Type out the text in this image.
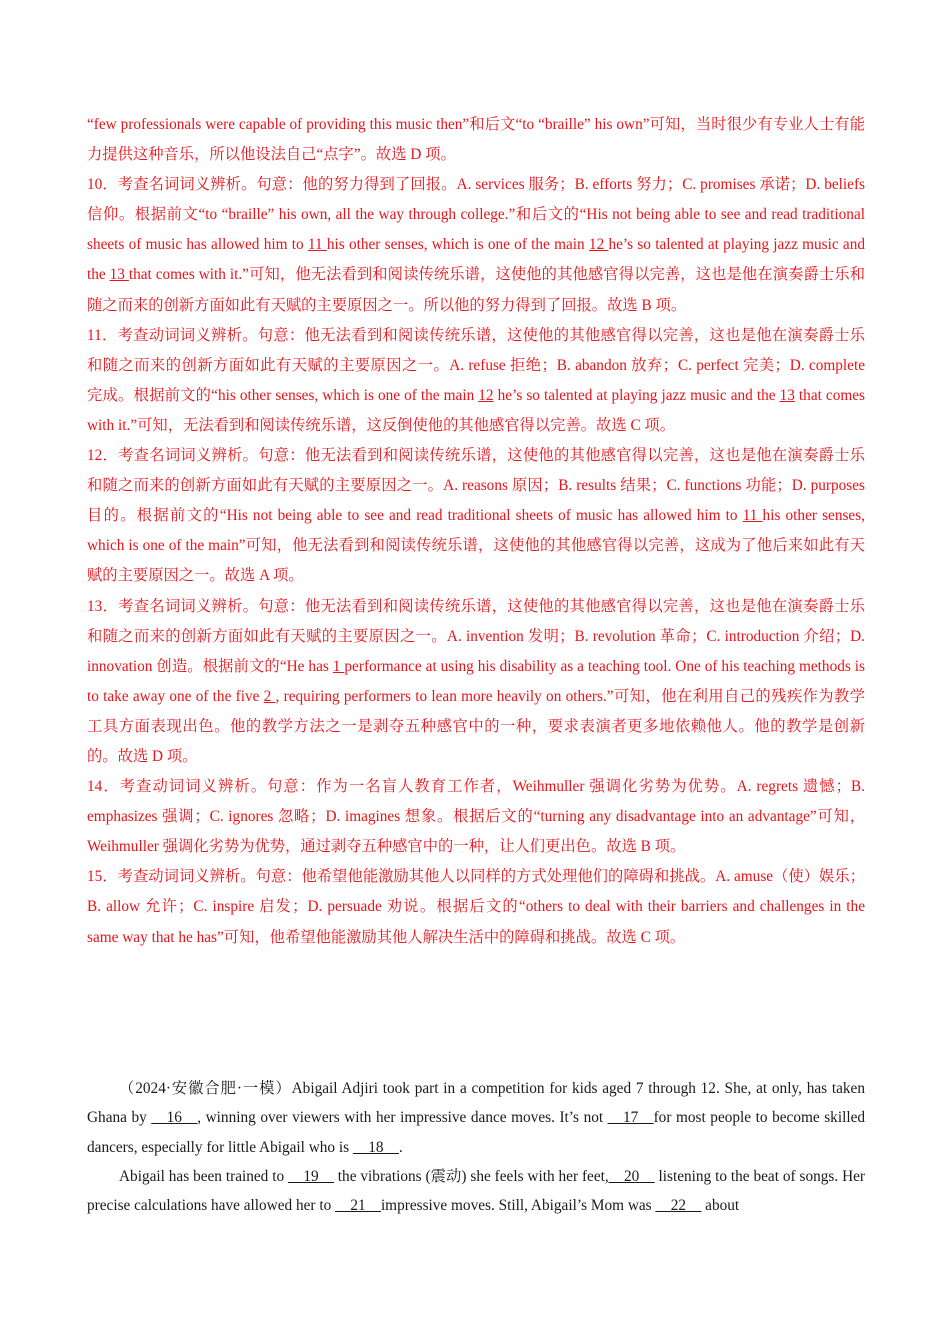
“few professionals were capable of providing this music then”和后文“to “braille” his own”可知，当时很少有专业人士有能力提供这种音乐，所以他设法自己“点字”。故选 D 项。

10．考查名词词义辨析。句意：他的努力得到了回报。A. services 服务；B. efforts 努力；C. promises 承诺；D. beliefs 信仰。根据前文“to “braille” his own, all the way through college.”和后文的“His not being able to see and read traditional sheets of music has allowed him to 11 his other senses, which is one of the main 12 he’s so talented at playing jazz music and the 13 that comes with it.”可知，他无法看到和阅读传统乐谱，这使他的其他感官得以完善，这也是他在演奏爵士乐和随之而来的创新方面如此有天赋的主要原因之一。所以他的努力得到了回报。故选 B 项。

11．考查动词词义辨析。句意：他无法看到和阅读传统乐谱，这使他的其他感官得以完善，这也是他在演奏爵士乐和随之而来的创新方面如此有天赋的主要原因之一。A. refuse 拒绝；B. abandon 放弃；C. perfect 完美；D. complete 完成。根据前文的“his other senses, which is one of the main 12 he’s so talented at playing jazz music and the 13 that comes with it.”可知，无法看到和阅读传统乐谱，这反倒使他的其他感官得以完善。故选 C 项。

12．考查名词词义辨析。句意：他无法看到和阅读传统乐谱，这使他的其他感官得以完善，这也是他在演奏爵士乐和随之而来的创新方面如此有天赋的主要原因之一。A. reasons 原因；B. results 结果；C. functions 功能；D. purposes 目的。根据前文的“His not being able to see and read traditional sheets of music has allowed him to 11 his other senses, which is one of the main”可知，他无法看到和阅读传统乐谱，这使他的其他感官得以完善，这成为了他后来如此有天赋的主要原因之一。故选 A 项。

13．考查名词词义辨析。句意：他无法看到和阅读传统乐谱，这使他的其他感官得以完善，这也是他在演奏爵士乐和随之而来的创新方面如此有天赋的主要原因之一。A. invention 发明；B. revolution 革命；C. introduction 介绍；D. innovation 创造。根据前文的“He has 1 performance at using his disability as a teaching tool. One of his teaching methods is to take away one of the five 2 , requiring performers to lean more heavily on others.”可知，他在利用自己的残疾作为教学工具方面表现出色。他的教学方法之一是剥夺五种感官中的一种，要求表演者更多地依赖他人。他的教学是创新的。故选 D 项。

14．考查动词词义辨析。句意：作为一名盲人教育工作者，Weihmuller 强调化劣势为优势。A. regrets 遗憾；B. emphasizes 强调；C. ignores 忽略；D. imagines 想象。根据后文的“turning any disadvantage into an advantage”可知，Weihmuller 强调化劣势为优势，通过剥夺五种感官中的一种，让人们更出色。故选 B 项。

15．考查动词词义辨析。句意：他希望他能激励其他人以同样的方式处理他们的障碍和挑战。A. amuse（使）娱乐；B. allow 允许；C. inspire 启发；D. persuade 劝说。根据后文的“others to deal with their barriers and challenges in the same way that he has”可知，他希望他能激励其他人解决生活中的障碍和挑战。故选 C 项。

（2024·安徽合肥·一模）Abigail Adjiri took part in a competition for kids aged 7 through 12. She, at only, has taken Ghana by __16__, winning over viewers with her impressive dance moves. It’s not __17__for most people to become skilled dancers, especially for little Abigail who is __18__.

Abigail has been trained to __19__ the vibrations (震动) she feels with her feet,__20__ listening to the beat of songs. Her precise calculations have allowed her to __21__impressive moves. Still, Abigail’s Mom was __22__ about
